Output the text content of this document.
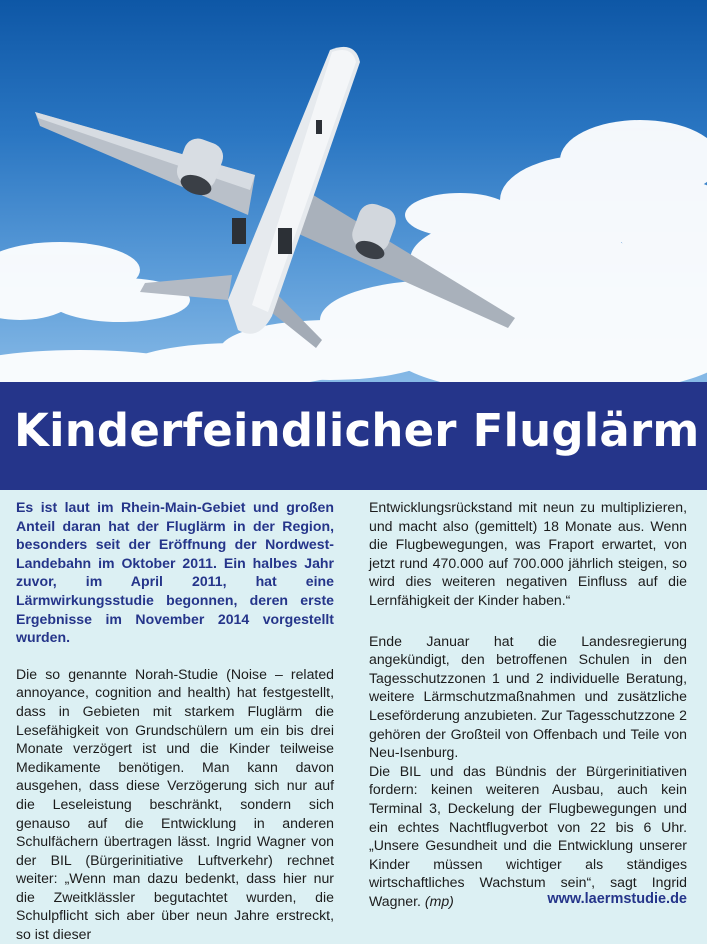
Kinderfeindlicher Fluglärm

Es ist laut im Rhein-Main-Gebiet und großen Anteil daran hat der Fluglärm in der Region, besonders seit der Eröffnung der Nordwest-Landebahn im Oktober 2011. Ein halbes Jahr zuvor, im April 2011, hat eine Lärmwirkungsstudie begonnen, deren erste Ergebnisse im November 2014 vorgestellt wurden.

Die so genannte Norah-Studie (Noise – related annoyance, cognition and health) hat festgestellt, dass in Gebieten mit starkem Fluglärm die Lesefähigkeit von Grundschülern um ein bis drei Monate verzögert ist und die Kinder teilweise Medikamente benötigen. Man kann davon ausgehen, dass diese Verzögerung sich nur auf die Leseleistung beschränkt, sondern sich genauso auf die Entwicklung in anderen Schulfächern übertragen lässt. Ingrid Wagner von der BIL (Bürgerinitiative Luftverkehr) rechnet weiter: „Wenn man dazu bedenkt, dass hier nur die Zweitklässler begutachtet wurden, die Schulpflicht sich aber über neun Jahre erstreckt, so ist dieser

Entwicklungsrückstand mit neun zu multiplizieren, und macht also (gemittelt) 18 Monate aus. Wenn die Flugbewegungen, was Fraport erwartet, von jetzt rund 470.000 auf 700.000 jährlich steigen, so wird dies weiteren negativen Einfluss auf die Lernfähigkeit der Kinder haben.“

Ende Januar hat die Landesregierung angekündigt, den betroffenen Schulen in den Tagesschutzzonen 1 und 2 individuelle Beratung, weitere Lärmschutzmaßnahmen und zusätzliche Leseförderung anzubieten. Zur Tagesschutzzone 2 gehören der Großteil von Offenbach und Teile von Neu-Isenburg.

Die BIL und das Bündnis der Bürgerinitiativen fordern: keinen weiteren Ausbau, auch kein Terminal 3, Deckelung der Flugbewegungen und ein echtes Nachtflugverbot von 22 bis 6 Uhr. „Unsere Gesundheit und die Entwicklung unserer Kinder müssen wichtiger als ständiges wirtschaftliches Wachstum sein“, sagt Ingrid Wagner. (mp)	www.laermstudie.de
